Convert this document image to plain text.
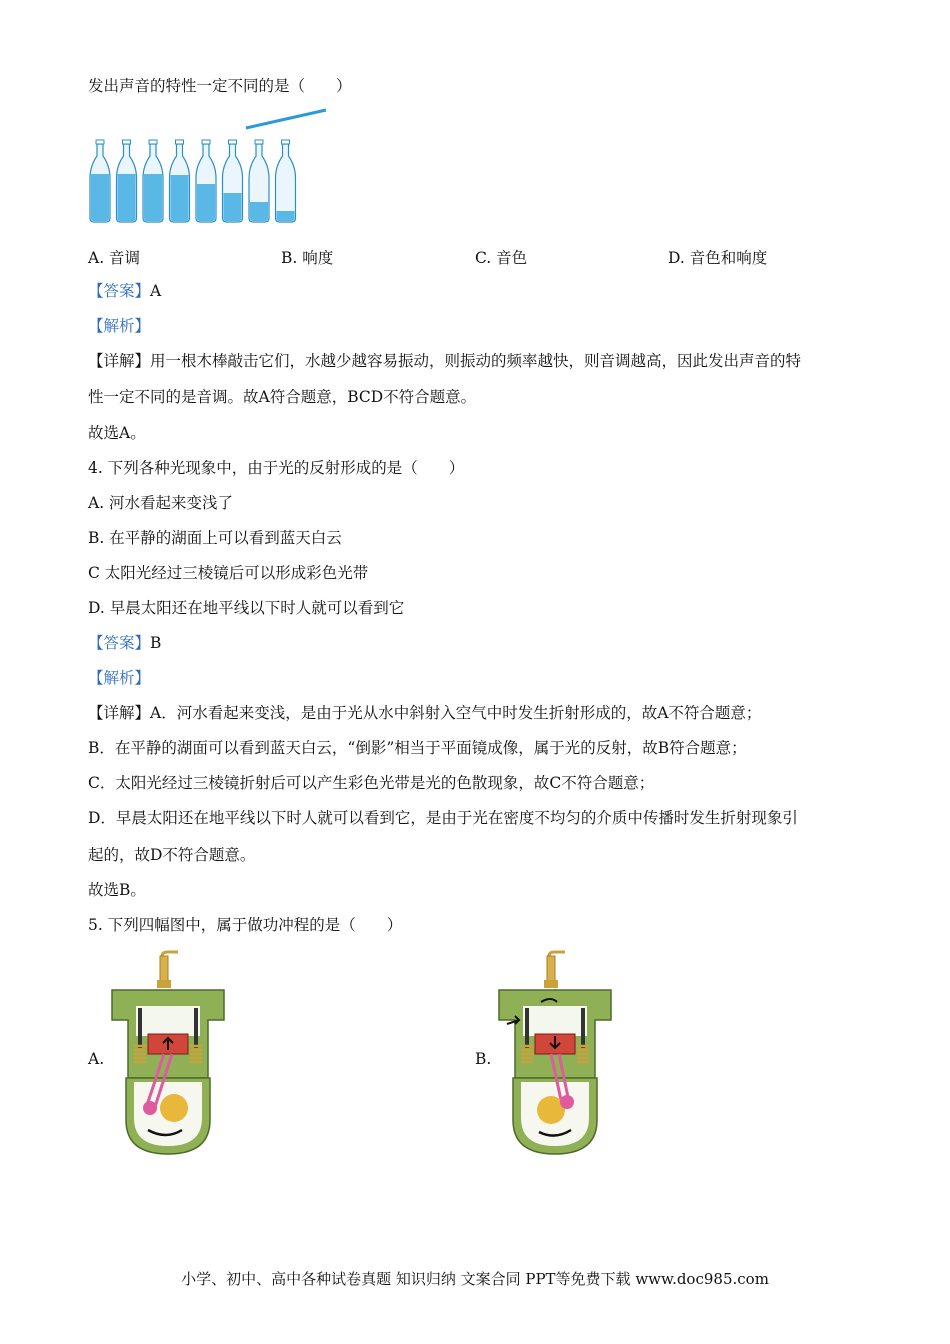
发出声音的特性一定不同的是（　　）
A. 音调	B. 响度	C. 音色	D. 音色和响度
【答案】A
【解析】
【详解】用一根木棒敲击它们，水越少越容易振动，则振动的频率越快，则音调越高，因此发出声音的特
性一定不同的是音调。故A符合题意，BCD不符合题意。
故选A。
4. 下列各种光现象中，由于光的反射形成的是（　　）
A. 河水看起来变浅了
B. 在平静的湖面上可以看到蓝天白云
C 太阳光经过三棱镜后可以形成彩色光带
D. 早晨太阳还在地平线以下时人就可以看到它
【答案】B
【解析】
【详解】A．河水看起来变浅，是由于光从水中斜射入空气中时发生折射形成的，故A不符合题意；
B．在平静的湖面可以看到蓝天白云，“倒影”相当于平面镜成像，属于光的反射，故B符合题意；
C．太阳光经过三棱镜折射后可以产生彩色光带是光的色散现象，故C不符合题意；
D．早晨太阳还在地平线以下时人就可以看到它，是由于光在密度不均匀的介质中传播时发生折射现象引
起的，故D不符合题意。
故选B。
5. 下列四幅图中，属于做功冲程的是（　　）
A.	B.
小学、初中、高中各种试卷真题 知识归纳 文案合同 PPT等免费下载 www.doc985.com
